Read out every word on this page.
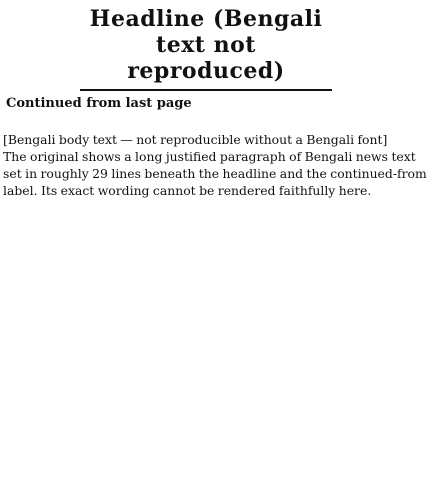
Headline (Bengali text not reproduced)
Continued from last page
[Bengali body text — not reproducible without a Bengali font]
The original shows a long justified paragraph of Bengali news text
set in roughly 29 lines beneath the headline and the continued-from
label. Its exact wording cannot be rendered faithfully here.
